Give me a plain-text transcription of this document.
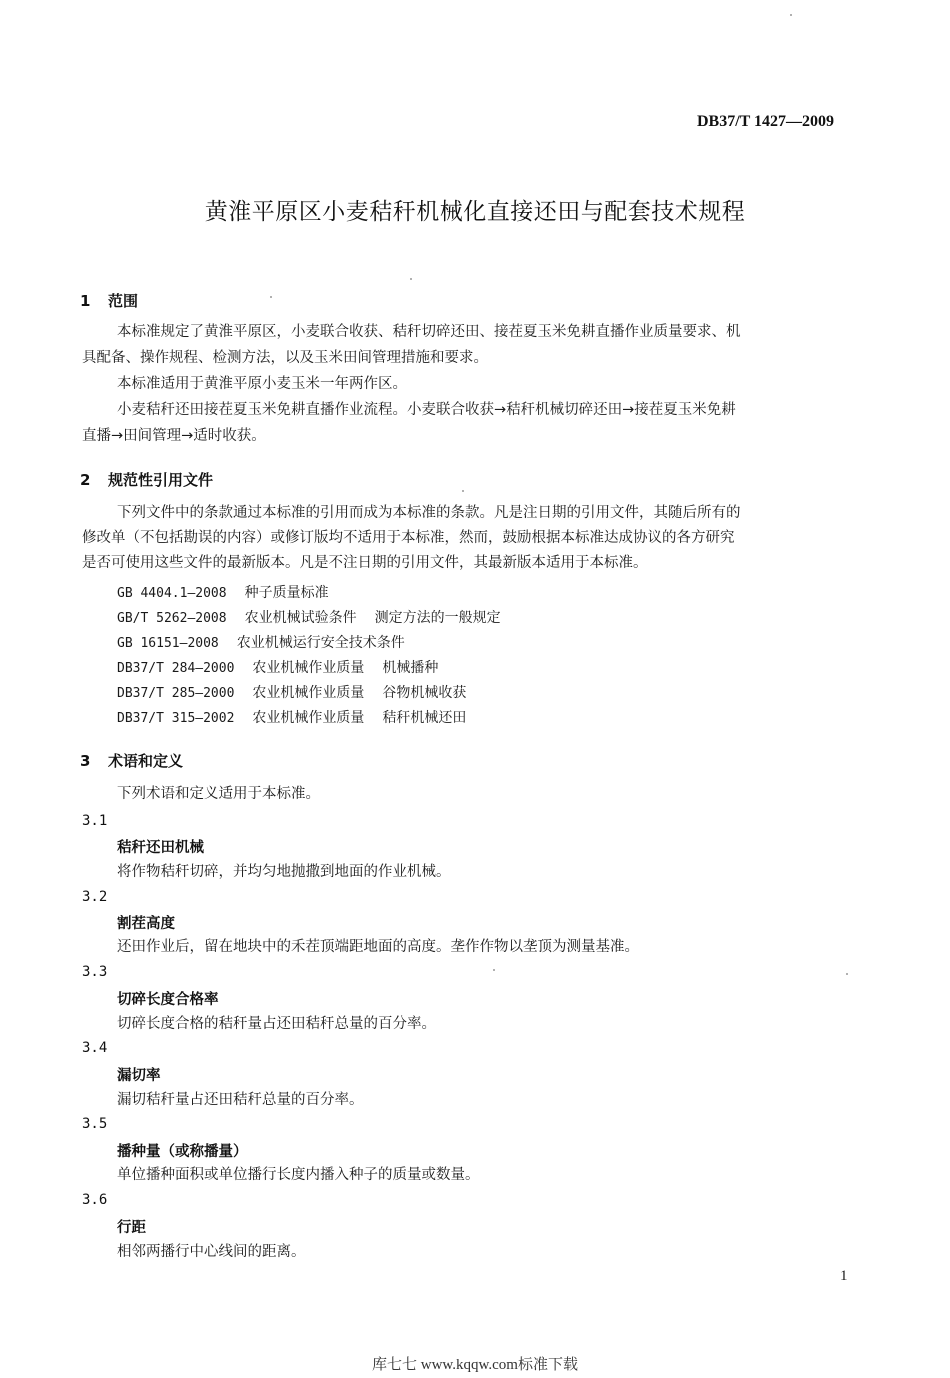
DB37/T 1427—2009
黄淮平原区小麦秸秆机械化直接还田与配套技术规程
1 范围
本标准规定了黄淮平原区，小麦联合收获、秸秆切碎还田、接茬夏玉米免耕直播作业质量要求、机
具配备、操作规程、检测方法，以及玉米田间管理措施和要求。
本标准适用于黄淮平原小麦玉米一年两作区。
小麦秸秆还田接茬夏玉米免耕直播作业流程。小麦联合收获→秸秆机械切碎还田→接茬夏玉米免耕
直播→田间管理→适时收获。
2 规范性引用文件
下列文件中的条款通过本标准的引用而成为本标准的条款。凡是注日期的引用文件，其随后所有的
修改单（不包括勘误的内容）或修订版均不适用于本标准，然而，鼓励根据本标准达成协议的各方研究
是否可使用这些文件的最新版本。凡是不注日期的引用文件，其最新版本适用于本标准。
GB 4404.1—2008 种子质量标准
GB/T 5262—2008 农业机械试验条件 测定方法的一般规定
GB 16151—2008 农业机械运行安全技术条件
DB37/T 284—2000 农业机械作业质量 机械播种
DB37/T 285—2000 农业机械作业质量 谷物机械收获
DB37/T 315—2002 农业机械作业质量 秸秆机械还田
3 术语和定义
下列术语和定义适用于本标准。
3.1
秸秆还田机械
将作物秸秆切碎，并均匀地抛撒到地面的作业机械。
3.2
割茬高度
还田作业后，留在地块中的禾茬顶端距地面的高度。垄作作物以垄顶为测量基准。
3.3
切碎长度合格率
切碎长度合格的秸秆量占还田秸秆总量的百分率。
3.4
漏切率
漏切秸秆量占还田秸秆总量的百分率。
3.5
播种量（或称播量）
单位播种面积或单位播行长度内播入种子的质量或数量。
3.6
行距
相邻两播行中心线间的距离。
1
库七七 www.kqqw.com标准下载
